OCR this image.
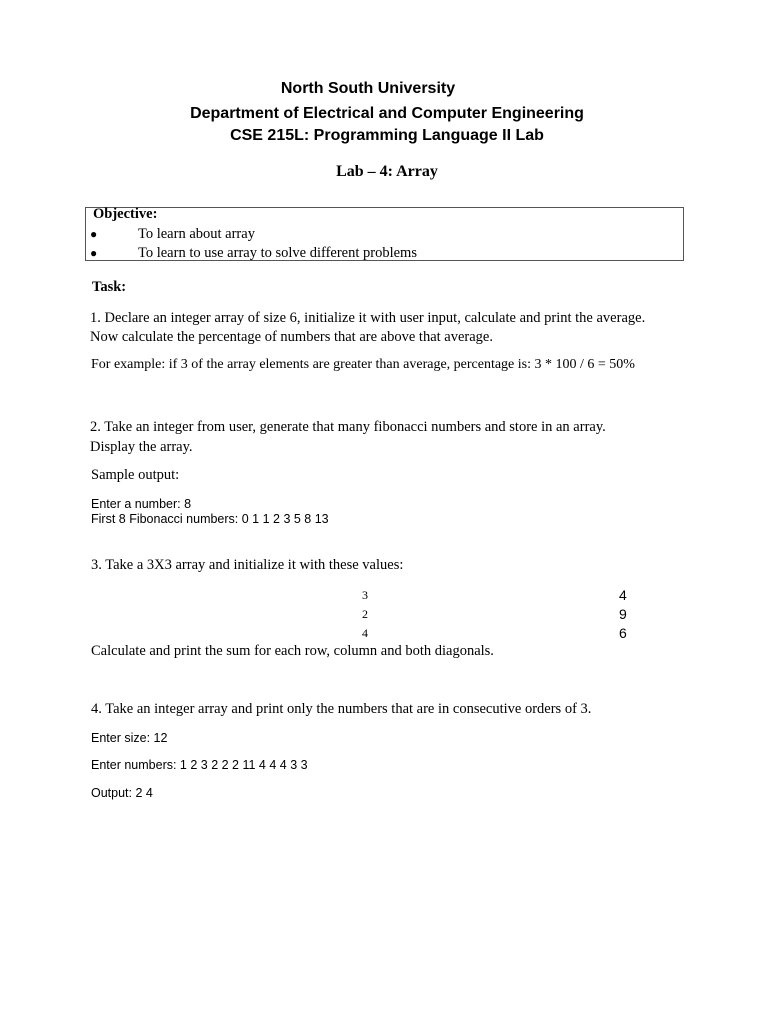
North South University
Department of Electrical and Computer Engineering
CSE 215L: Programming Language II Lab
Lab – 4: Array
Objective:
●	To learn about array
●	To learn to use array to solve different problems
Task:
1. Declare an integer array of size 6, initialize it with user input, calculate and print the average.
Now calculate the percentage of numbers that are above that average.
For example: if 3 of the array elements are greater than average, percentage is: 3 * 100 / 6 = 50%
2. Take an integer from user, generate that many fibonacci numbers and store in an array.
Display the array.
Sample output:
Enter a number: 8
First 8 Fibonacci numbers: 0 1 1 2 3 5 8 13
3. Take a 3X3 array and initialize it with these values:
3
2
4
4
9
6
Calculate and print the sum for each row, column and both diagonals.
4. Take an integer array and print only the numbers that are in consecutive orders of 3.
Enter size: 12
Enter numbers: 1 2 3 2 2 2 11 4 4 4 3 3
Output: 2 4
